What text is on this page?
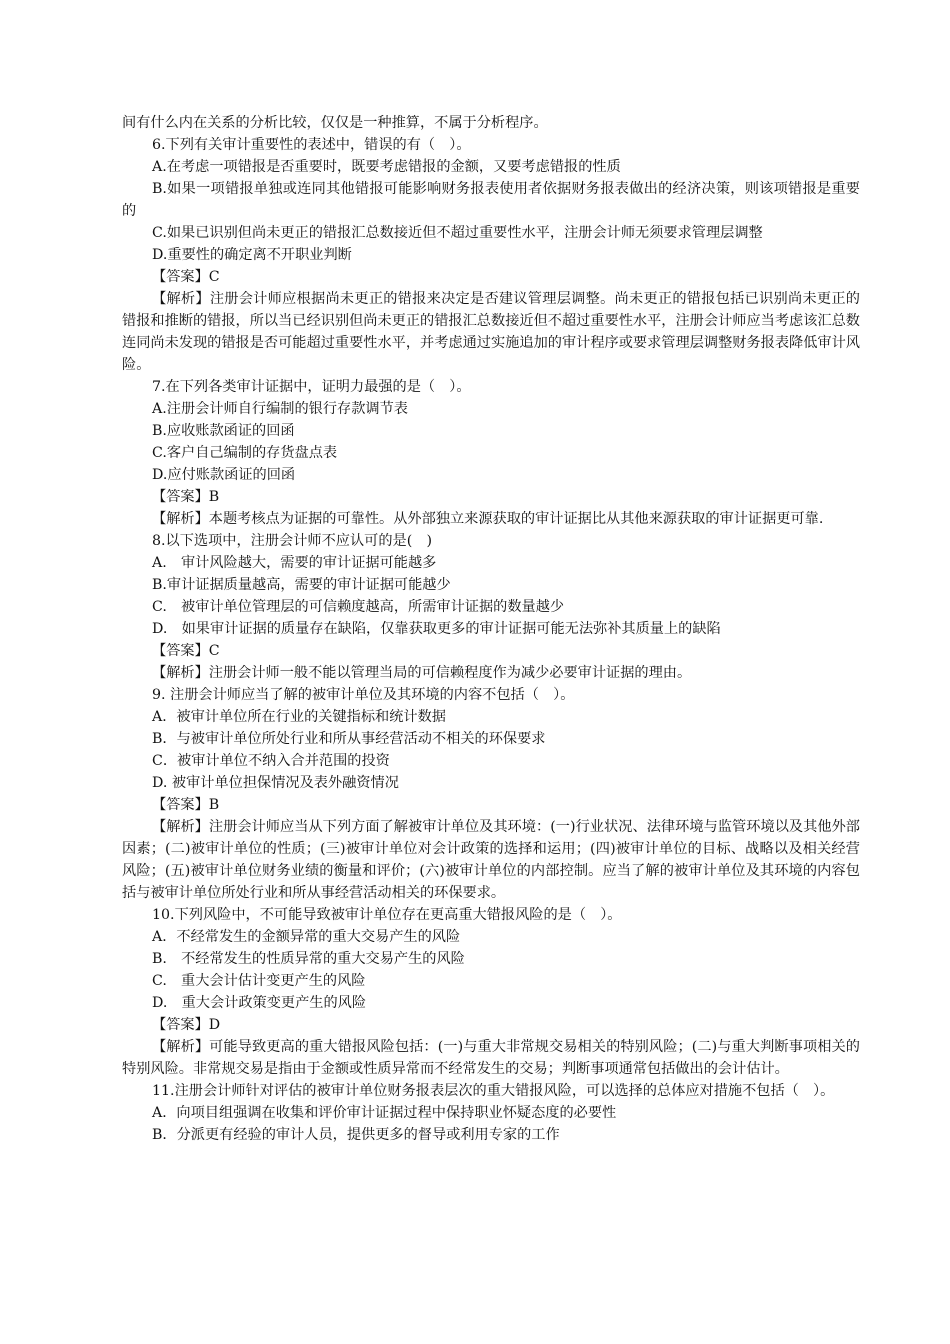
间有什么内在关系的分析比较，仅仅是一种推算，不属于分析程序。

6.下列有关审计重要性的表述中，错误的有（　）。

A.在考虑一项错报是否重要时，既要考虑错报的金额，又要考虑错报的性质

B.如果一项错报单独或连同其他错报可能影响财务报表使用者依据财务报表做出的经济决策，则该项错报是重要的

C.如果已识别但尚未更正的错报汇总数接近但不超过重要性水平，注册会计师无须要求管理层调整

D.重要性的确定离不开职业判断

【答案】C

【解析】注册会计师应根据尚未更正的错报来决定是否建议管理层调整。尚未更正的错报包括已识别尚未更正的错报和推断的错报，所以当已经识别但尚未更正的错报汇总数接近但不超过重要性水平，注册会计师应当考虑该汇总数连同尚未发现的错报是否可能超过重要性水平，并考虑通过实施追加的审计程序或要求管理层调整财务报表降低审计风险。

7.在下列各类审计证据中，证明力最强的是（　）。

A.注册会计师自行编制的银行存款调节表

B.应收账款函证的回函

C.客户自己编制的存货盘点表

D.应付账款函证的回函

【答案】B

【解析】本题考核点为证据的可靠性。从外部独立来源获取的审计证据比从其他来源获取的审计证据更可靠.

8.以下选项中，注册会计师不应认可的是(　)

A.　审计风险越大，需要的审计证据可能越多

B.审计证据质量越高，需要的审计证据可能越少

C.　被审计单位管理层的可信赖度越高，所需审计证据的数量越少

D.　如果审计证据的质量存在缺陷，仅靠获取更多的审计证据可能无法弥补其质量上的缺陷

【答案】C

【解析】注册会计师一般不能以管理当局的可信赖程度作为减少必要审计证据的理由。

9. 注册会计师应当了解的被审计单位及其环境的内容不包括（　）。

A．被审计单位所在行业的关键指标和统计数据

B．与被审计单位所处行业和所从事经营活动不相关的环保要求

C．被审计单位不纳入合并范围的投资

D. 被审计单位担保情况及表外融资情况

【答案】B

【解析】注册会计师应当从下列方面了解被审计单位及其环境：(一)行业状况、法律环境与监管环境以及其他外部因素；(二)被审计单位的性质；(三)被审计单位对会计政策的选择和运用；(四)被审计单位的目标、战略以及相关经营风险；(五)被审计单位财务业绩的衡量和评价；(六)被审计单位的内部控制。应当了解的被审计单位及其环境的内容包括与被审计单位所处行业和所从事经营活动相关的环保要求。

10.下列风险中，不可能导致被审计单位存在更高重大错报风险的是（　）。

A．不经常发生的金额异常的重大交易产生的风险

B.　不经常发生的性质异常的重大交易产生的风险

C.　重大会计估计变更产生的风险

D.　重大会计政策变更产生的风险

【答案】D

【解析】可能导致更高的重大错报风险包括：(一)与重大非常规交易相关的特别风险；(二)与重大判断事项相关的特别风险。非常规交易是指由于金额或性质异常而不经常发生的交易；判断事项通常包括做出的会计估计。

11.注册会计师针对评估的被审计单位财务报表层次的重大错报风险，可以选择的总体应对措施不包括（　）。

A．向项目组强调在收集和评价审计证据过程中保持职业怀疑态度的必要性

B．分派更有经验的审计人员，提供更多的督导或利用专家的工作
